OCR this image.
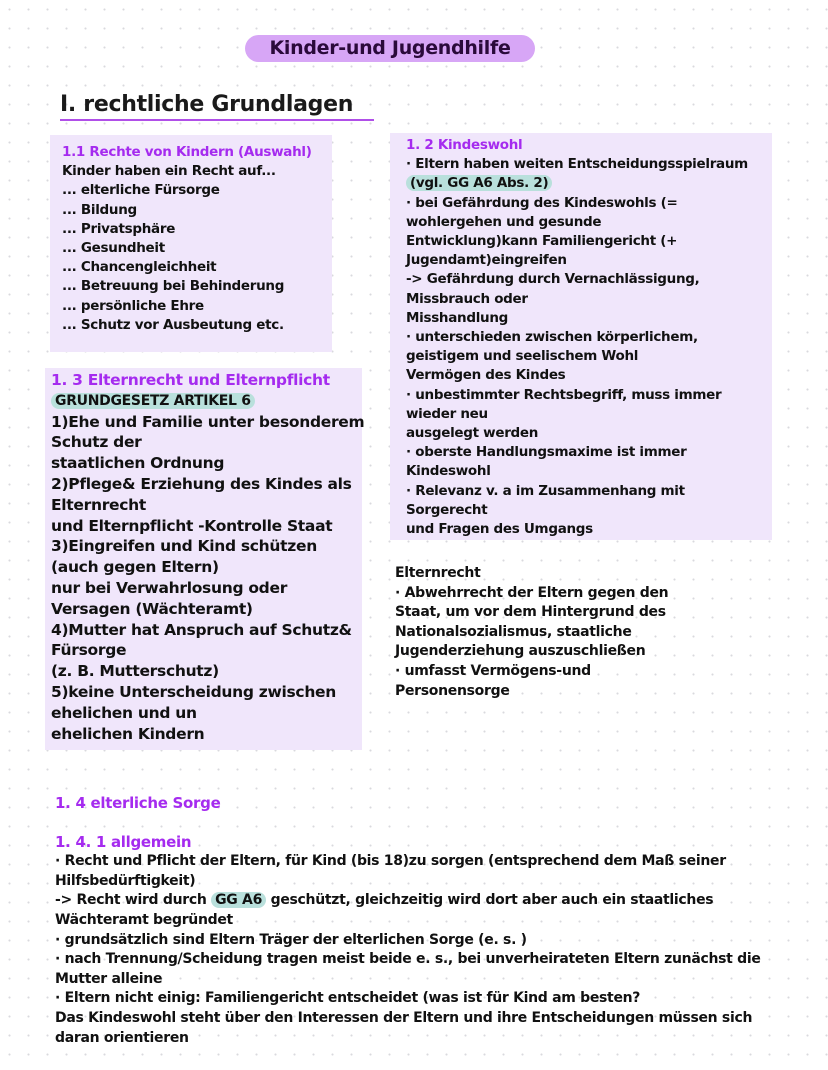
Kinder-und Jugendhilfe
I. rechtliche Grundlagen
1.1 Rechte von Kindern (Auswahl)
Kinder haben ein Recht auf...
... elterliche Fürsorge
... Bildung
... Privatsphäre
... Gesundheit
... Chancengleichheit
... Betreuung bei Behinderung
... persönliche Ehre
... Schutz vor Ausbeutung etc.
1. 2 Kindeswohl
· Eltern haben weiten Entscheidungsspielraum
(vgl. GG A6 Abs. 2)
· bei Gefährdung des Kindeswohls (=
wohlergehen und gesunde
Entwicklung)kann Familiengericht (+
Jugendamt)eingreifen
-> Gefährdung durch Vernachlässigung,
Missbrauch oder
Misshandlung
· unterschieden zwischen körperlichem,
geistigem und seelischem Wohl
Vermögen des Kindes
· unbestimmter Rechtsbegriff, muss immer
wieder neu
ausgelegt werden
· oberste Handlungsmaxime ist immer
Kindeswohl
· Relevanz v. a im Zusammenhang mit
Sorgerecht
und Fragen des Umgangs
1. 3 Elternrecht und Elternpflicht
GRUNDGESETZ ARTIKEL 6
1)Ehe und Familie unter besonderem
Schutz der
staatlichen Ordnung
2)Pflege& Erziehung des Kindes als
Elternrecht
und Elternpflicht -Kontrolle Staat
3)Eingreifen und Kind schützen
(auch gegen Eltern)
nur bei Verwahrlosung oder
Versagen (Wächteramt)
4)Mutter hat Anspruch auf Schutz&
Fürsorge
(z. B. Mutterschutz)
5)keine Unterscheidung zwischen
ehelichen und un
ehelichen Kindern
Elternrecht
· Abwehrrecht der Eltern gegen den
Staat, um vor dem Hintergrund des
Nationalsozialismus, staatliche
Jugenderziehung auszuschließen
· umfasst Vermögens-und
Personensorge
1. 4 elterliche Sorge
1. 4. 1 allgemein
· Recht und Pflicht der Eltern, für Kind (bis 18)zu sorgen (entsprechend dem Maß seiner
Hilfsbedürftigkeit)
-> Recht wird durch GG A6 geschützt, gleichzeitig wird dort aber auch ein staatliches
Wächteramt begründet
· grundsätzlich sind Eltern Träger der elterlichen Sorge (e. s. )
· nach Trennung/Scheidung tragen meist beide e. s., bei unverheirateten Eltern zunächst die
Mutter alleine
· Eltern nicht einig: Familiengericht entscheidet (was ist für Kind am besten?
Das Kindeswohl steht über den Interessen der Eltern und ihre Entscheidungen müssen sich
daran orientieren
